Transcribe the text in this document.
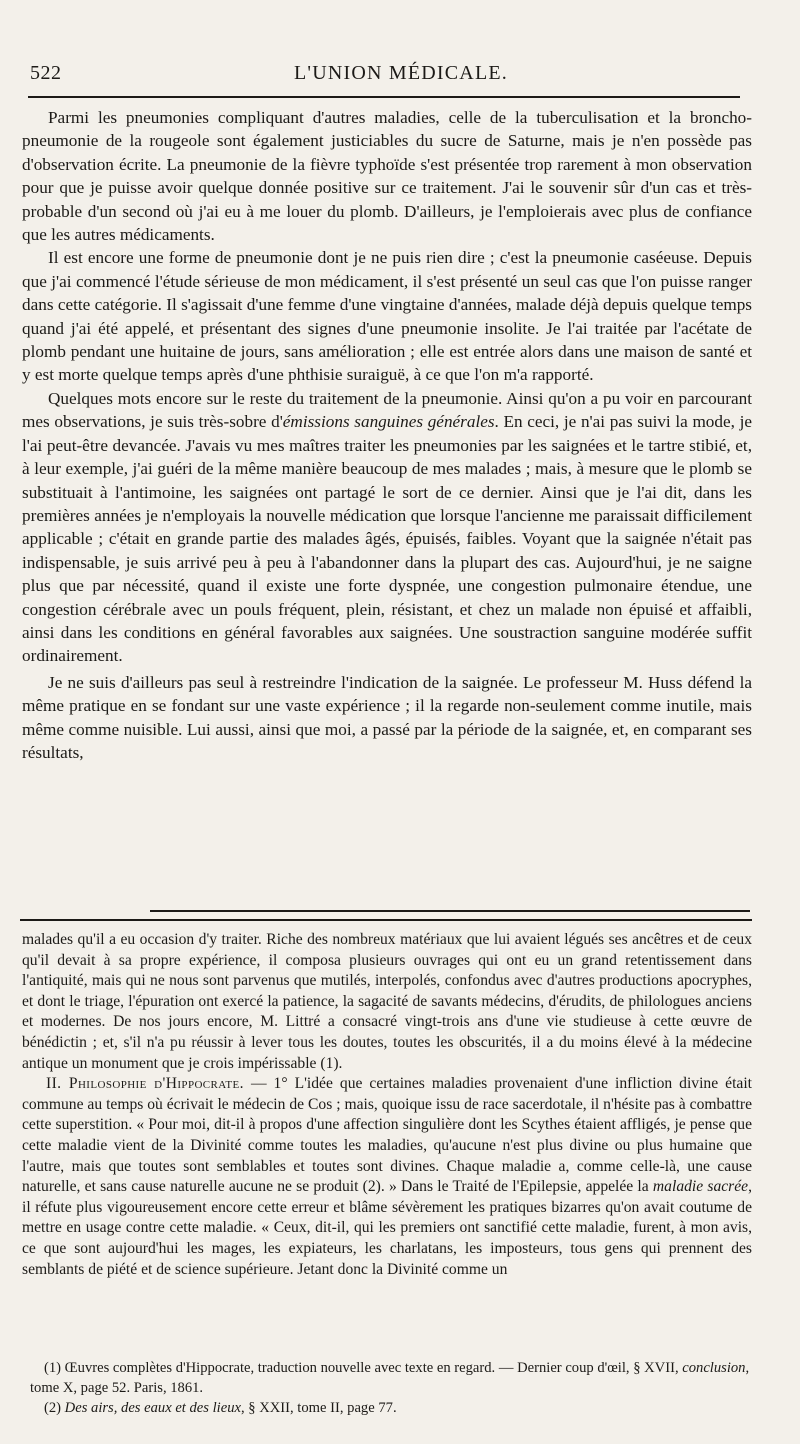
522	L'UNION MÉDICALE.

Parmi les pneumonies compliquant d'autres maladies, celle de la tuberculisation et la broncho-pneumonie de la rougeole sont également justiciables du sucre de Saturne, mais je n'en possède pas d'observation écrite. La pneumonie de la fièvre typhoïde s'est présentée trop rarement à mon observation pour que je puisse avoir quelque donnée positive sur ce traitement. J'ai le souvenir sûr d'un cas et très-probable d'un second où j'ai eu à me louer du plomb. D'ailleurs, je l'emploierais avec plus de confiance que les autres médicaments.

Il est encore une forme de pneumonie dont je ne puis rien dire ; c'est la pneumonie caséeuse. Depuis que j'ai commencé l'étude sérieuse de mon médicament, il s'est présenté un seul cas que l'on puisse ranger dans cette catégorie. Il s'agissait d'une femme d'une vingtaine d'années, malade déjà depuis quelque temps quand j'ai été appelé, et présentant des signes d'une pneumonie insolite. Je l'ai traitée par l'acétate de plomb pendant une huitaine de jours, sans amélioration ; elle est entrée alors dans une maison de santé et y est morte quelque temps après d'une phthisie suraiguë, à ce que l'on m'a rapporté.

Quelques mots encore sur le reste du traitement de la pneumonie. Ainsi qu'on a pu voir en parcourant mes observations, je suis très-sobre d'émissions sanguines générales. En ceci, je n'ai pas suivi la mode, je l'ai peut-être devancée. J'avais vu mes maîtres traiter les pneumonies par les saignées et le tartre stibié, et, à leur exemple, j'ai guéri de la même manière beaucoup de mes malades ; mais, à mesure que le plomb se substituait à l'antimoine, les saignées ont partagé le sort de ce dernier. Ainsi que je l'ai dit, dans les premières années je n'employais la nouvelle médication que lorsque l'ancienne me paraissait difficilement applicable ; c'était en grande partie des malades âgés, épuisés, faibles. Voyant que la saignée n'était pas indispensable, je suis arrivé peu à peu à l'abandonner dans la plupart des cas. Aujourd'hui, je ne saigne plus que par nécessité, quand il existe une forte dyspnée, une congestion pulmonaire étendue, une congestion cérébrale avec un pouls fréquent, plein, résistant, et chez un malade non épuisé et affaibli, ainsi dans les conditions en général favorables aux saignées. Une soustraction sanguine modérée suffit ordinairement.

Je ne suis d'ailleurs pas seul à restreindre l'indication de la saignée. Le professeur M. Huss défend la même pratique en se fondant sur une vaste expérience ; il la regarde non-seulement comme inutile, mais même comme nuisible. Lui aussi, ainsi que moi, a passé par la période de la saignée, et, en comparant ses résultats,

malades qu'il a eu occasion d'y traiter. Riche des nombreux matériaux que lui avaient légués ses ancêtres et de ceux qu'il devait à sa propre expérience, il composa plusieurs ouvrages qui ont eu un grand retentissement dans l'antiquité, mais qui ne nous sont parvenus que mutilés, interpolés, confondus avec d'autres productions apocryphes, et dont le triage, l'épuration ont exercé la patience, la sagacité de savants médecins, d'érudits, de philologues anciens et modernes. De nos jours encore, M. Littré a consacré vingt-trois ans d'une vie studieuse à cette œuvre de bénédictin ; et, s'il n'a pu réussir à lever tous les doutes, toutes les obscurités, il a du moins élevé à la médecine antique un monument que je crois impérissable (1).

II. Philosophie d'Hippocrate. — 1° L'idée que certaines maladies provenaient d'une infliction divine était commune au temps où écrivait le médecin de Cos ; mais, quoique issu de race sacerdotale, il n'hésite pas à combattre cette superstition. « Pour moi, dit-il à propos d'une affection singulière dont les Scythes étaient affligés, je pense que cette maladie vient de la Divinité comme toutes les maladies, qu'aucune n'est plus divine ou plus humaine que l'autre, mais que toutes sont semblables et toutes sont divines. Chaque maladie a, comme celle-là, une cause naturelle, et sans cause naturelle aucune ne se produit (2). » Dans le Traité de l'Epilepsie, appelée la maladie sacrée, il réfute plus vigoureusement encore cette erreur et blâme sévèrement les pratiques bizarres qu'on avait coutume de mettre en usage contre cette maladie. « Ceux, dit-il, qui les premiers ont sanctifié cette maladie, furent, à mon avis, ce que sont aujourd'hui les mages, les expiateurs, les charlatans, les imposteurs, tous gens qui prennent des semblants de piété et de science supérieure. Jetant donc la Divinité comme un

(1) Œuvres complètes d'Hippocrate, traduction nouvelle avec texte en regard. — Dernier coup d'œil, § XVII, conclusion, tome X, page 52. Paris, 1861.

(2) Des airs, des eaux et des lieux, § XXII, tome II, page 77.
